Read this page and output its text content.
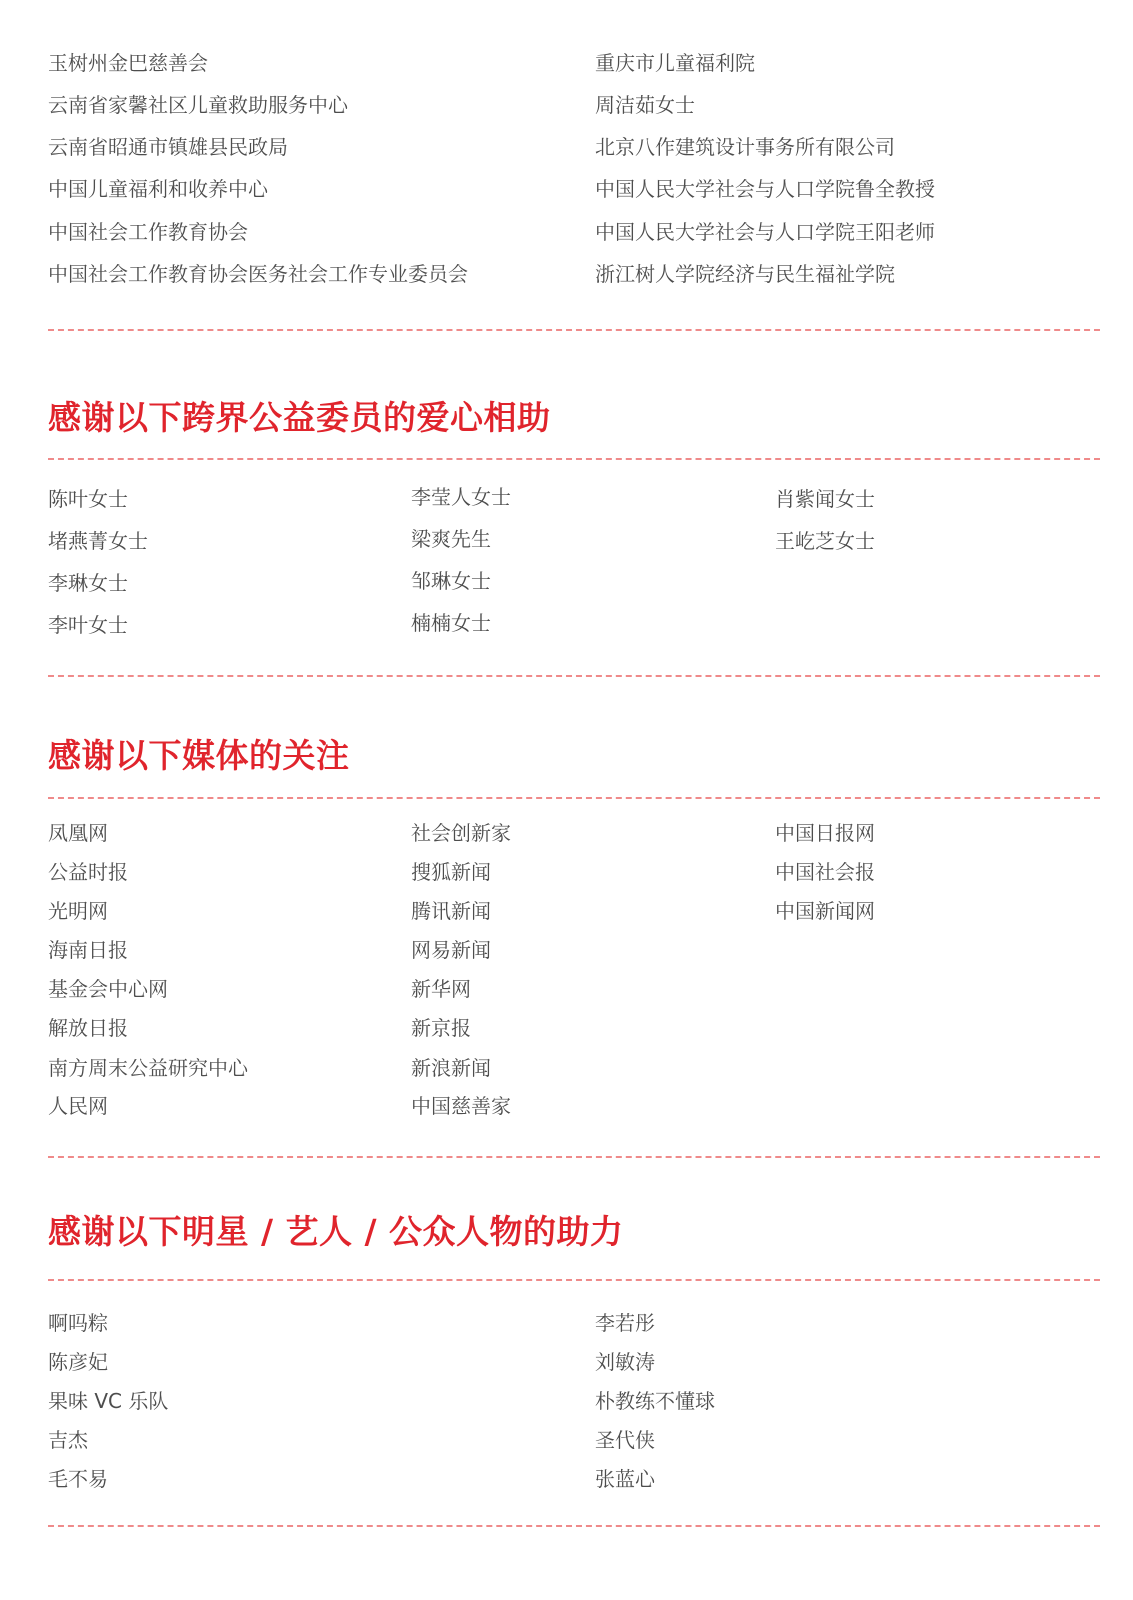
玉树州金巴慈善会
云南省家馨社区儿童救助服务中心
云南省昭通市镇雄县民政局
中国儿童福利和收养中心
中国社会工作教育协会
中国社会工作教育协会医务社会工作专业委员会
重庆市儿童福利院
周洁茹女士
北京八作建筑设计事务所有限公司
中国人民大学社会与人口学院鲁全教授
中国人民大学社会与人口学院王阳老师
浙江树人学院经济与民生福祉学院
感谢以下跨界公益委员的爱心相助
陈叶女士
堵燕菁女士
李琳女士
李叶女士
李莹人女士
梁爽先生
邹琳女士
楠楠女士
肖紫闻女士
王屹芝女士
感谢以下媒体的关注
凤凰网
公益时报
光明网
海南日报
基金会中心网
解放日报
南方周末公益研究中心
人民网
社会创新家
搜狐新闻
腾讯新闻
网易新闻
新华网
新京报
新浪新闻
中国慈善家
中国日报网
中国社会报
中国新闻网
感谢以下明星 / 艺人 / 公众人物的助力
啊吗粽
陈彦妃
果味 VC 乐队
吉杰
毛不易
李若彤
刘敏涛
朴教练不懂球
圣代侠
张蓝心
